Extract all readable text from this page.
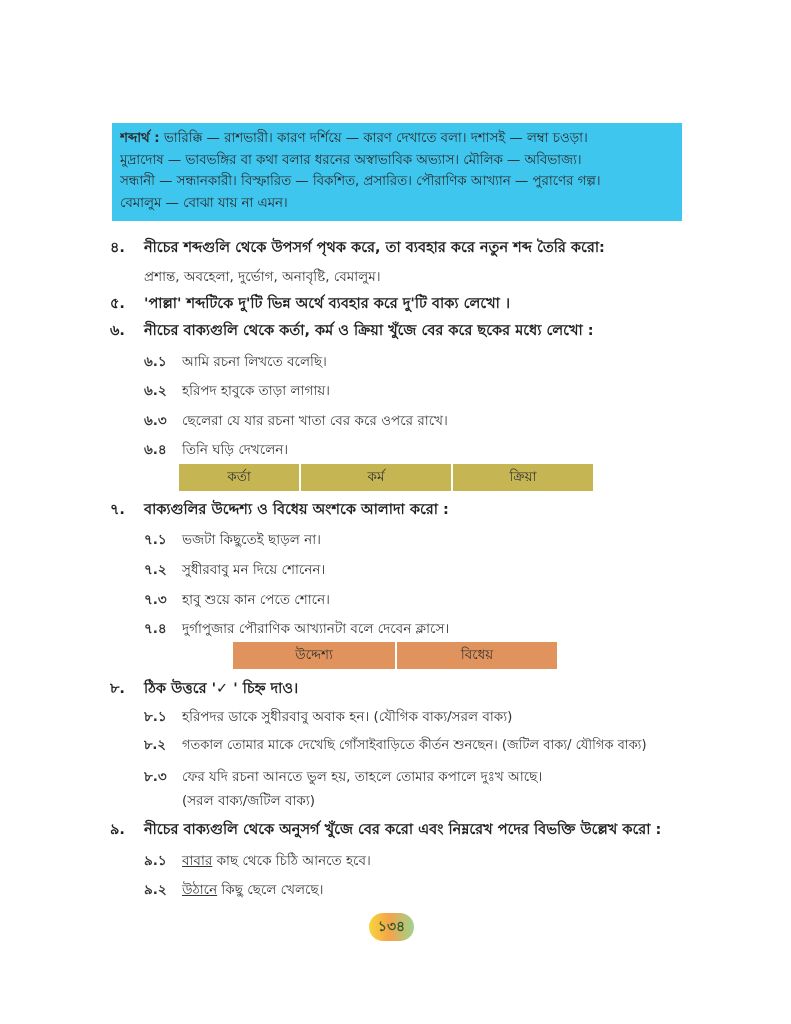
শব্দার্থ : ভারিক্কি — রাশভারী। কারণ দর্শিয়ে — কারণ দেখাতে বলা। দশাসই — লম্বা চওড়া।
মুদ্রাদোষ — ভাবভঙ্গির বা কথা বলার ধরনের অস্বাভাবিক অভ্যাস। মৌলিক — অবিভাজ্য।
সন্ধানী — সন্ধানকারী। বিস্ফারিত — বিকশিত, প্রসারিত। পৌরাণিক আখ্যান — পুরাণের গল্প।
বেমালুম — বোঝা যায় না এমন।
৪. নীচের শব্দগুলি থেকে উপসর্গ পৃথক করে, তা ব্যবহার করে নতুন শব্দ তৈরি করো:
প্রশান্ত, অবহেলা, দুর্ভোগ, অনাবৃষ্টি, বেমালুম।
৫. 'পাল্লা' শব্দটিকে দু'টি ভিন্ন অর্থে ব্যবহার করে দু'টি বাক্য লেখো ।
৬. নীচের বাক্যগুলি থেকে কর্তা, কর্ম ও ক্রিয়া খুঁজে বের করে ছকের মধ্যে লেখো :
৬.১ আমি রচনা লিখতে বলেছি।
৬.২ হরিপদ হাবুকে তাড়া লাগায়।
৬.৩ ছেলেরা যে যার রচনা খাতা বের করে ওপরে রাখে।
৬.৪ তিনি ঘড়ি দেখলেন।
কর্তা	কর্ম	ক্রিয়া
৭. বাক্যগুলির উদ্দেশ্য ও বিধেয় অংশকে আলাদা করো :
৭.১ ভজটা কিছুতেই ছাড়ল না।
৭.২ সুধীরবাবু মন দিয়ে শোনেন।
৭.৩ হাবু শুয়ে কান পেতে শোনে।
৭.৪ দুর্গাপুজার পৌরাণিক আখ্যানটা বলে দেবেন ক্লাসে।
উদ্দেশ্য	বিধেয়
৮. ঠিক উত্তরে '✓ ' চিহ্ন দাও।
৮.১ হরিপদর ডাকে সুধীরবাবু অবাক হন। (যৌগিক বাক্য/সরল বাক্য)
৮.২ গতকাল তোমার মাকে দেখেছি গোঁসাইবাড়িতে কীর্তন শুনছেন। (জটিল বাক্য/ যৌগিক বাক্য)
৮.৩ ফের যদি রচনা আনতে ভুল হয়, তাহলে তোমার কপালে দুঃখ আছে।
(সরল বাক্য/জটিল বাক্য)
৯. নীচের বাক্যগুলি থেকে অনুসর্গ খুঁজে বের করো এবং নিম্নরেখ পদের বিভক্তি উল্লেখ করো :
৯.১ বাবার কাছ থেকে চিঠি আনতে হবে।
৯.২ উঠানে কিছু ছেলে খেলছে।
১৩৪
